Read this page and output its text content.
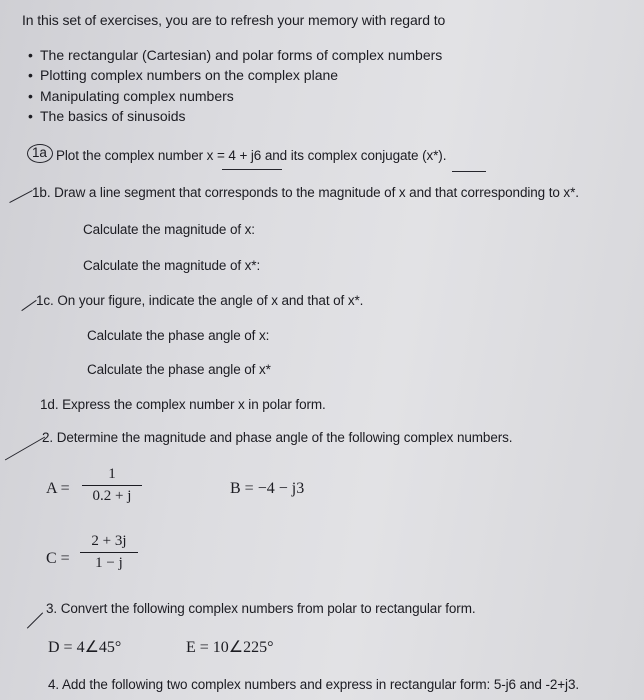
In this set of exercises, you are to refresh your memory with regard to
• The rectangular (Cartesian) and polar forms of complex numbers
• Plotting complex numbers on the complex plane
• Manipulating complex numbers
• The basics of sinusoids
1a Plot the complex number x = 4 + j6 and its complex conjugate (x*).
1b. Draw a line segment that corresponds to the magnitude of x and that corresponding to x*.
Calculate the magnitude of x:
Calculate the magnitude of x*:
1c. On your figure, indicate the angle of x and that of x*.
Calculate the phase angle of x:
Calculate the phase angle of x*
1d. Express the complex number x in polar form.
2. Determine the magnitude and phase angle of the following complex numbers.
A =
1
0.2 + j	B = −4 − j3
C =
2 + 3j
1 − j
3. Convert the following complex numbers from polar to rectangular form.
D = 4∠45°	E = 10∠225°
4. Add the following two complex numbers and express in rectangular form: 5-j6 and -2+j3.
